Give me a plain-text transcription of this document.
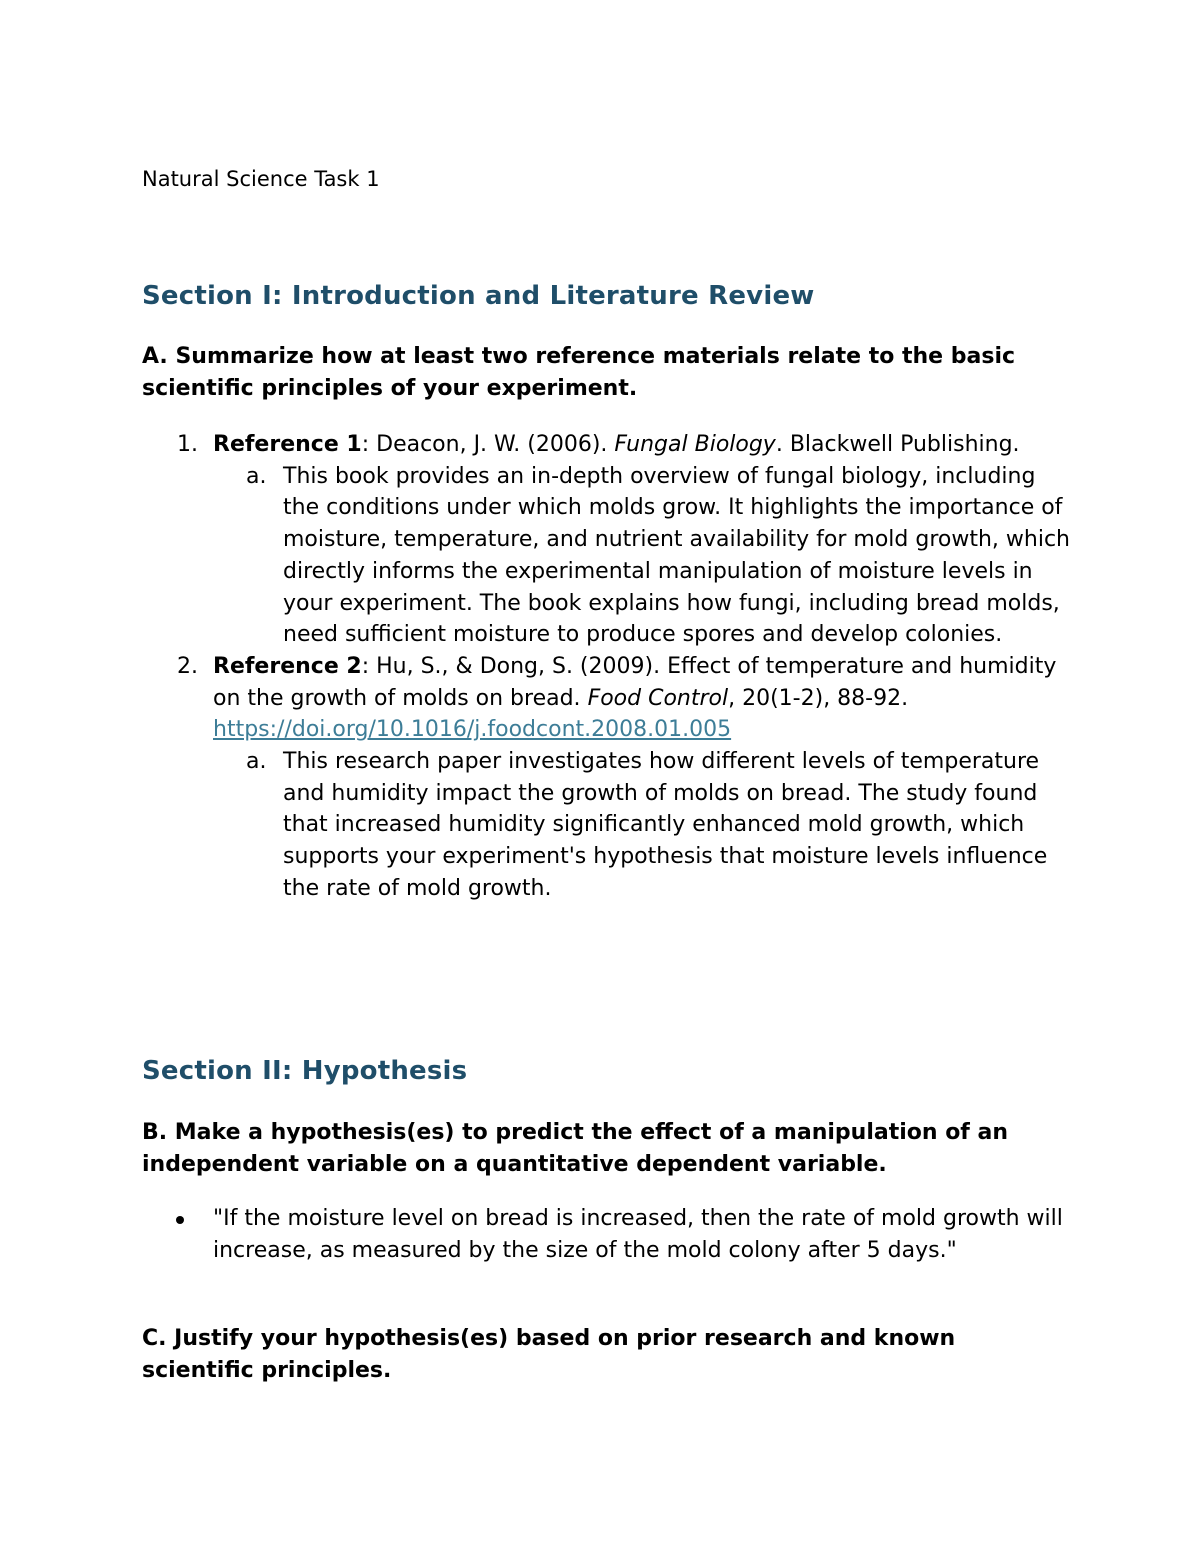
Natural Science Task 1
Section I: Introduction and Literature Review
A. Summarize how at least two reference materials relate to the basic scientific principles of your experiment.
1. Reference 1: Deacon, J. W. (2006). Fungal Biology. Blackwell Publishing.
a. This book provides an in-depth overview of fungal biology, including the conditions under which molds grow. It highlights the importance of moisture, temperature, and nutrient availability for mold growth, which directly informs the experimental manipulation of moisture levels in your experiment. The book explains how fungi, including bread molds, need sufficient moisture to produce spores and develop colonies.
2. Reference 2: Hu, S., & Dong, S. (2009). Effect of temperature and humidity on the growth of molds on bread. Food Control, 20(1-2), 88-92. https://doi.org/10.1016/j.foodcont.2008.01.005
a. This research paper investigates how different levels of temperature and humidity impact the growth of molds on bread. The study found that increased humidity significantly enhanced mold growth, which supports your experiment's hypothesis that moisture levels influence the rate of mold growth.
Section II: Hypothesis
B. Make a hypothesis(es) to predict the effect of a manipulation of an independent variable on a quantitative dependent variable.
"If the moisture level on bread is increased, then the rate of mold growth will increase, as measured by the size of the mold colony after 5 days."
C. Justify your hypothesis(es) based on prior research and known scientific principles.
